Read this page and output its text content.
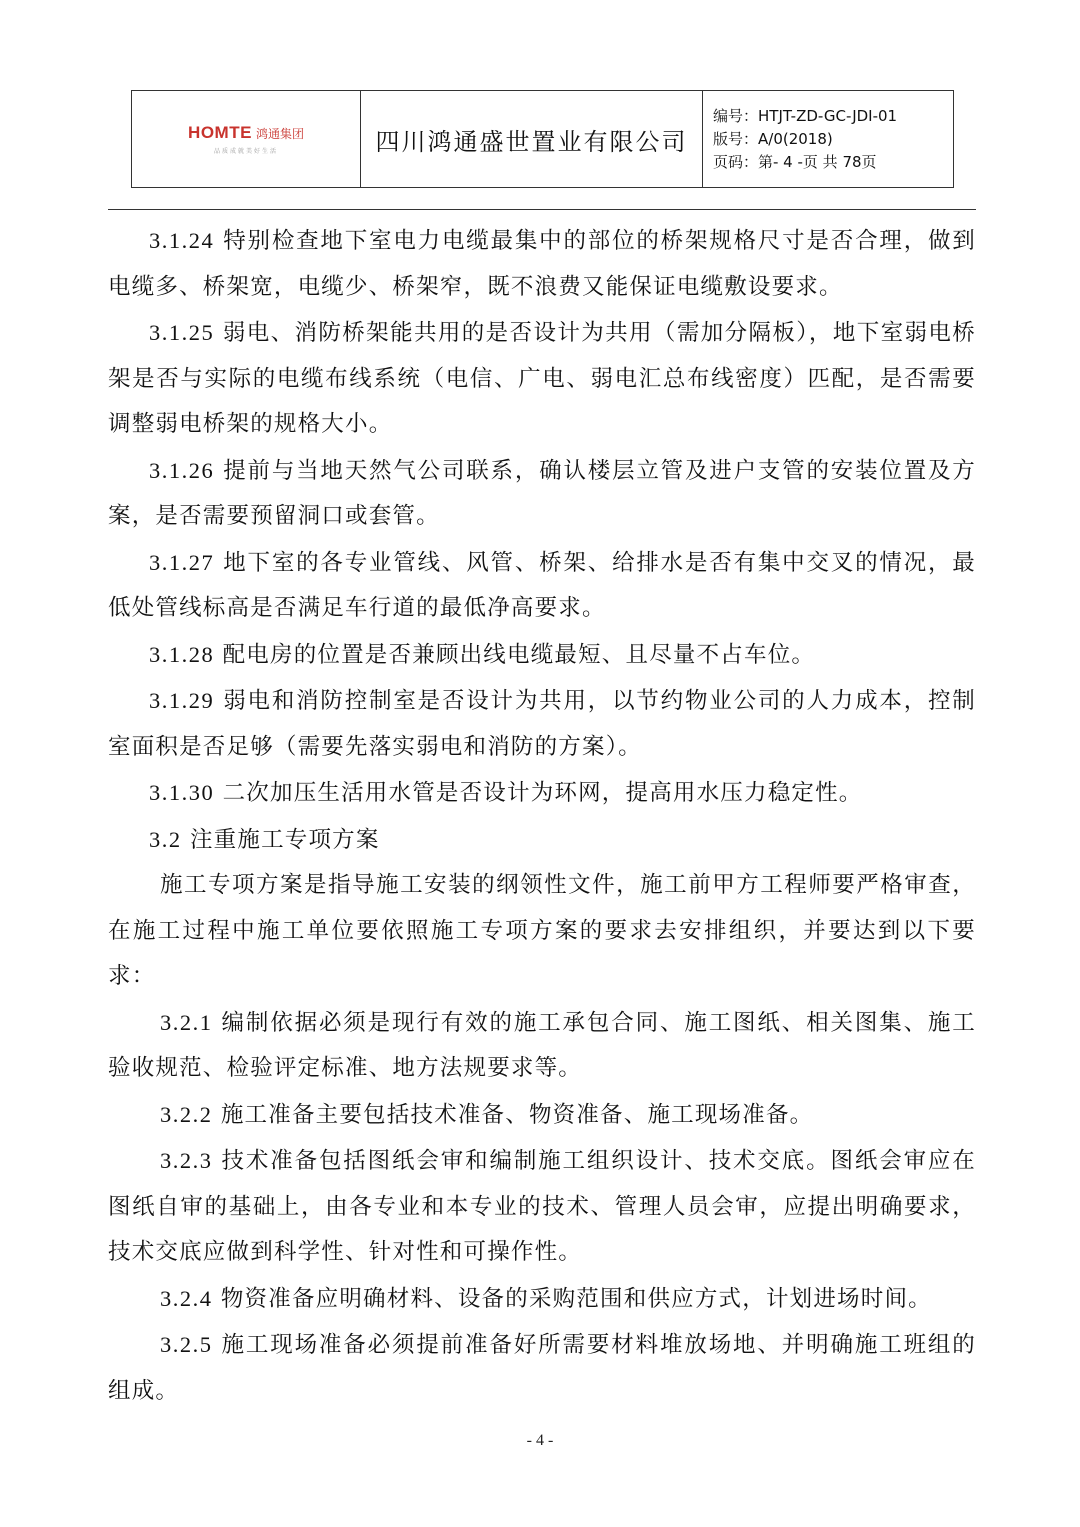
HOMTE 鸿通集团
品质成就美好生活	四川鸿通盛世置业有限公司
编号：HTJT-ZD-GC-JDⅠ-01
版号：A/0(2018)
页码：第- 4 -页 共 78页

3.1.24 特别检查地下室电力电缆最集中的部位的桥架规格尺寸是否合理，做到电缆多、桥架宽，电缆少、桥架窄，既不浪费又能保证电缆敷设要求。

3.1.25 弱电、消防桥架能共用的是否设计为共用（需加分隔板），地下室弱电桥架是否与实际的电缆布线系统（电信、广电、弱电汇总布线密度）匹配，是否需要调整弱电桥架的规格大小。

3.1.26 提前与当地天然气公司联系，确认楼层立管及进户支管的安装位置及方案，是否需要预留洞口或套管。

3.1.27 地下室的各专业管线、风管、桥架、给排水是否有集中交叉的情况，最低处管线标高是否满足车行道的最低净高要求。

3.1.28 配电房的位置是否兼顾出线电缆最短、且尽量不占车位。

3.1.29 弱电和消防控制室是否设计为共用，以节约物业公司的人力成本，控制室面积是否足够（需要先落实弱电和消防的方案）。

3.1.30 二次加压生活用水管是否设计为环网，提高用水压力稳定性。

3.2 注重施工专项方案

施工专项方案是指导施工安装的纲领性文件，施工前甲方工程师要严格审查，在施工过程中施工单位要依照施工专项方案的要求去安排组织，并要达到以下要求：

3.2.1 编制依据必须是现行有效的施工承包合同、施工图纸、相关图集、施工验收规范、检验评定标准、地方法规要求等。

3.2.2 施工准备主要包括技术准备、物资准备、施工现场准备。

3.2.3 技术准备包括图纸会审和编制施工组织设计、技术交底。图纸会审应在图纸自审的基础上，由各专业和本专业的技术、管理人员会审，应提出明确要求，技术交底应做到科学性、针对性和可操作性。

3.2.4 物资准备应明确材料、设备的采购范围和供应方式，计划进场时间。

3.2.5 施工现场准备必须提前准备好所需要材料堆放场地、并明确施工班组的组成。

- 4 -
